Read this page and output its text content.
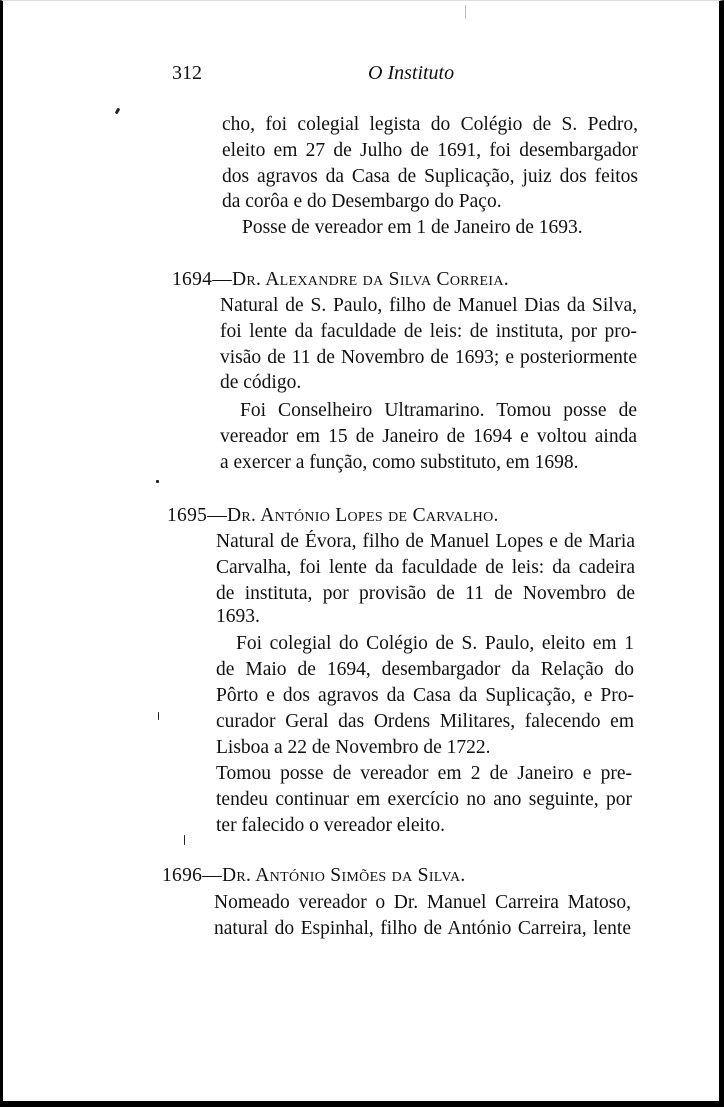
312	O Instituto
cho, foi colegial legista do Colégio de S. Pedro,
eleito em 27 de Julho de 1691, foi desembargador
dos agravos da Casa de Suplicação, juiz dos feitos
da corôa e do Desembargo do Paço.
Posse de vereador em 1 de Janeiro de 1693.
1694—Dr. Alexandre da Silva Correia.
Natural de S. Paulo, filho de Manuel Dias da Silva,
foi lente da faculdade de leis: de instituta, por pro-
visão de 11 de Novembro de 1693; e posteriormente
de código.
Foi Conselheiro Ultramarino. Tomou posse de
vereador em 15 de Janeiro de 1694 e voltou ainda
a exercer a função, como substituto, em 1698.
1695—Dr. António Lopes de Carvalho.
Natural de Évora, filho de Manuel Lopes e de Maria
Carvalha, foi lente da faculdade de leis: da cadeira
de instituta, por provisão de 11 de Novembro de
1693.
Foi colegial do Colégio de S. Paulo, eleito em 1
de Maio de 1694, desembargador da Relação do
Pôrto e dos agravos da Casa da Suplicação, e Pro-
curador Geral das Ordens Militares, falecendo em
Lisboa a 22 de Novembro de 1722.
Tomou posse de vereador em 2 de Janeiro e pre-
tendeu continuar em exercício no ano seguinte, por
ter falecido o vereador eleito.
1696—Dr. António Simões da Silva.
Nomeado vereador o Dr. Manuel Carreira Matoso,
natural do Espinhal, filho de António Carreira, lente
